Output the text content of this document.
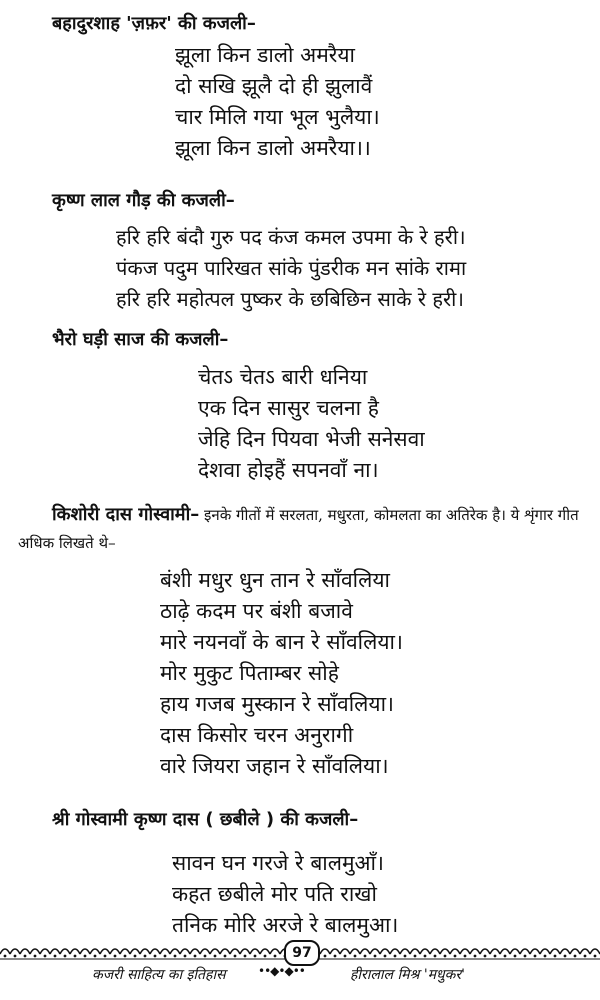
बहादुरशाह 'ज़फ़र' की कजली–
झूला किन डालो अमरैया
दो सखि झूलै दो ही झुलावैं
चार मिलि गया भूल भुलैया।
झूला किन डालो अमरैया।।
कृष्ण लाल गौड़ की कजली–
हरि हरि बंदौ गुरु पद कंज कमल उपमा के रे हरी।
पंकज पदुम पारिखत सांके पुंडरीक मन सांके रामा
हरि हरि महोत्पल पुष्कर के छबिछिन साके रे हरी।
भैरो घड़ी साज की कजली–
चेतऽ चेतऽ बारी धनिया
एक दिन सासुर चलना है
जेहि दिन पियवा भेजी सनेसवा
देशवा होइहैं सपनवाँ ना।
किशोरी दास गोस्वामी– इनके गीतों में सरलता, मधुरता, कोमलता का अतिरेक है। ये शृंगार गीत अधिक लिखते थे–
बंशी मधुर धुन तान रे साँवलिया
ठाढ़े कदम पर बंशी बजावे
मारे नयनवाँ के बान रे साँवलिया।
मोर मुकुट पिताम्बर सोहे
हाय गजब मुस्कान रे साँवलिया।
दास किसोर चरन अनुरागी
वारे जियरा जहान रे साँवलिया।
श्री गोस्वामी कृष्ण दास ( छबीले ) की कजली–
सावन घन गरजे रे बालमुआँ।
कहत छबीले मोर पति राखो
तनिक मोरि अरजे रे बालमुआ।
97
कजरी साहित्य का इतिहास	••◆•◆••	हीरालाल मिश्र 'मधुकर'
